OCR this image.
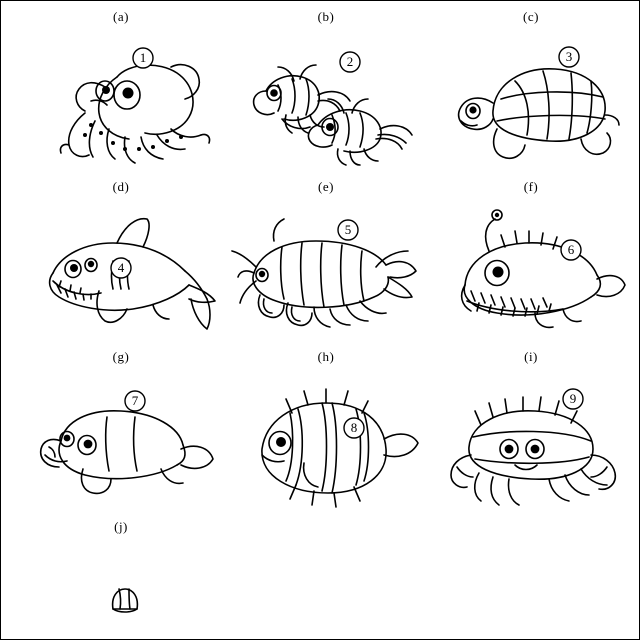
(a)
1
(b)
2
(c)
3
(d)
4
(e)
5
(f)
6
(g)
7
(h)
8
(i)
9
(j)
